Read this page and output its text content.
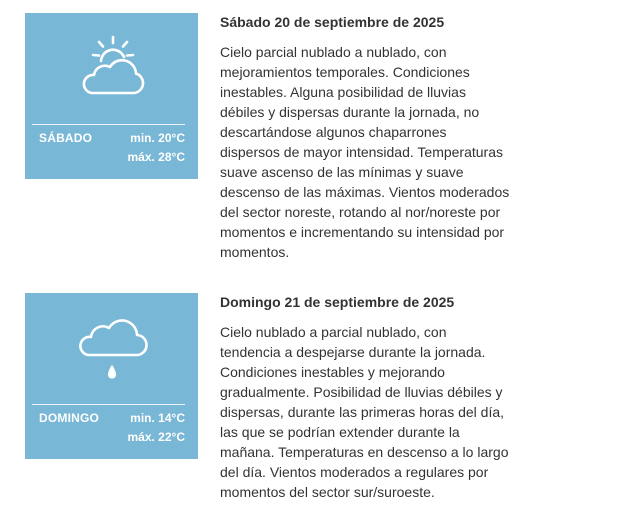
SÁBADO	min. 20°C
máx. 28°C
Sábado 20 de septiembre de 2025

Cielo parcial nublado a nublado, con mejoramientos temporales. Condiciones inestables. Alguna posibilidad de lluvias débiles y dispersas durante la jornada, no descartándose algunos chaparrones dispersos de mayor intensidad. Temperaturas suave ascenso de las mínimas y suave descenso de las máximas. Vientos moderados del sector noreste, rotando al nor/noreste por momentos e incrementando su intensidad por momentos.

DOMINGO	min. 14°C
máx. 22°C
Domingo 21 de septiembre de 2025

Cielo nublado a parcial nublado, con tendencia a despejarse durante la jornada. Condiciones inestables y mejorando gradualmente. Posibilidad de lluvias débiles y dispersas, durante las primeras horas del día, las que se podrían extender durante la mañana. Temperaturas en descenso a lo largo del día. Vientos moderados a regulares por momentos del sector sur/suroeste.
